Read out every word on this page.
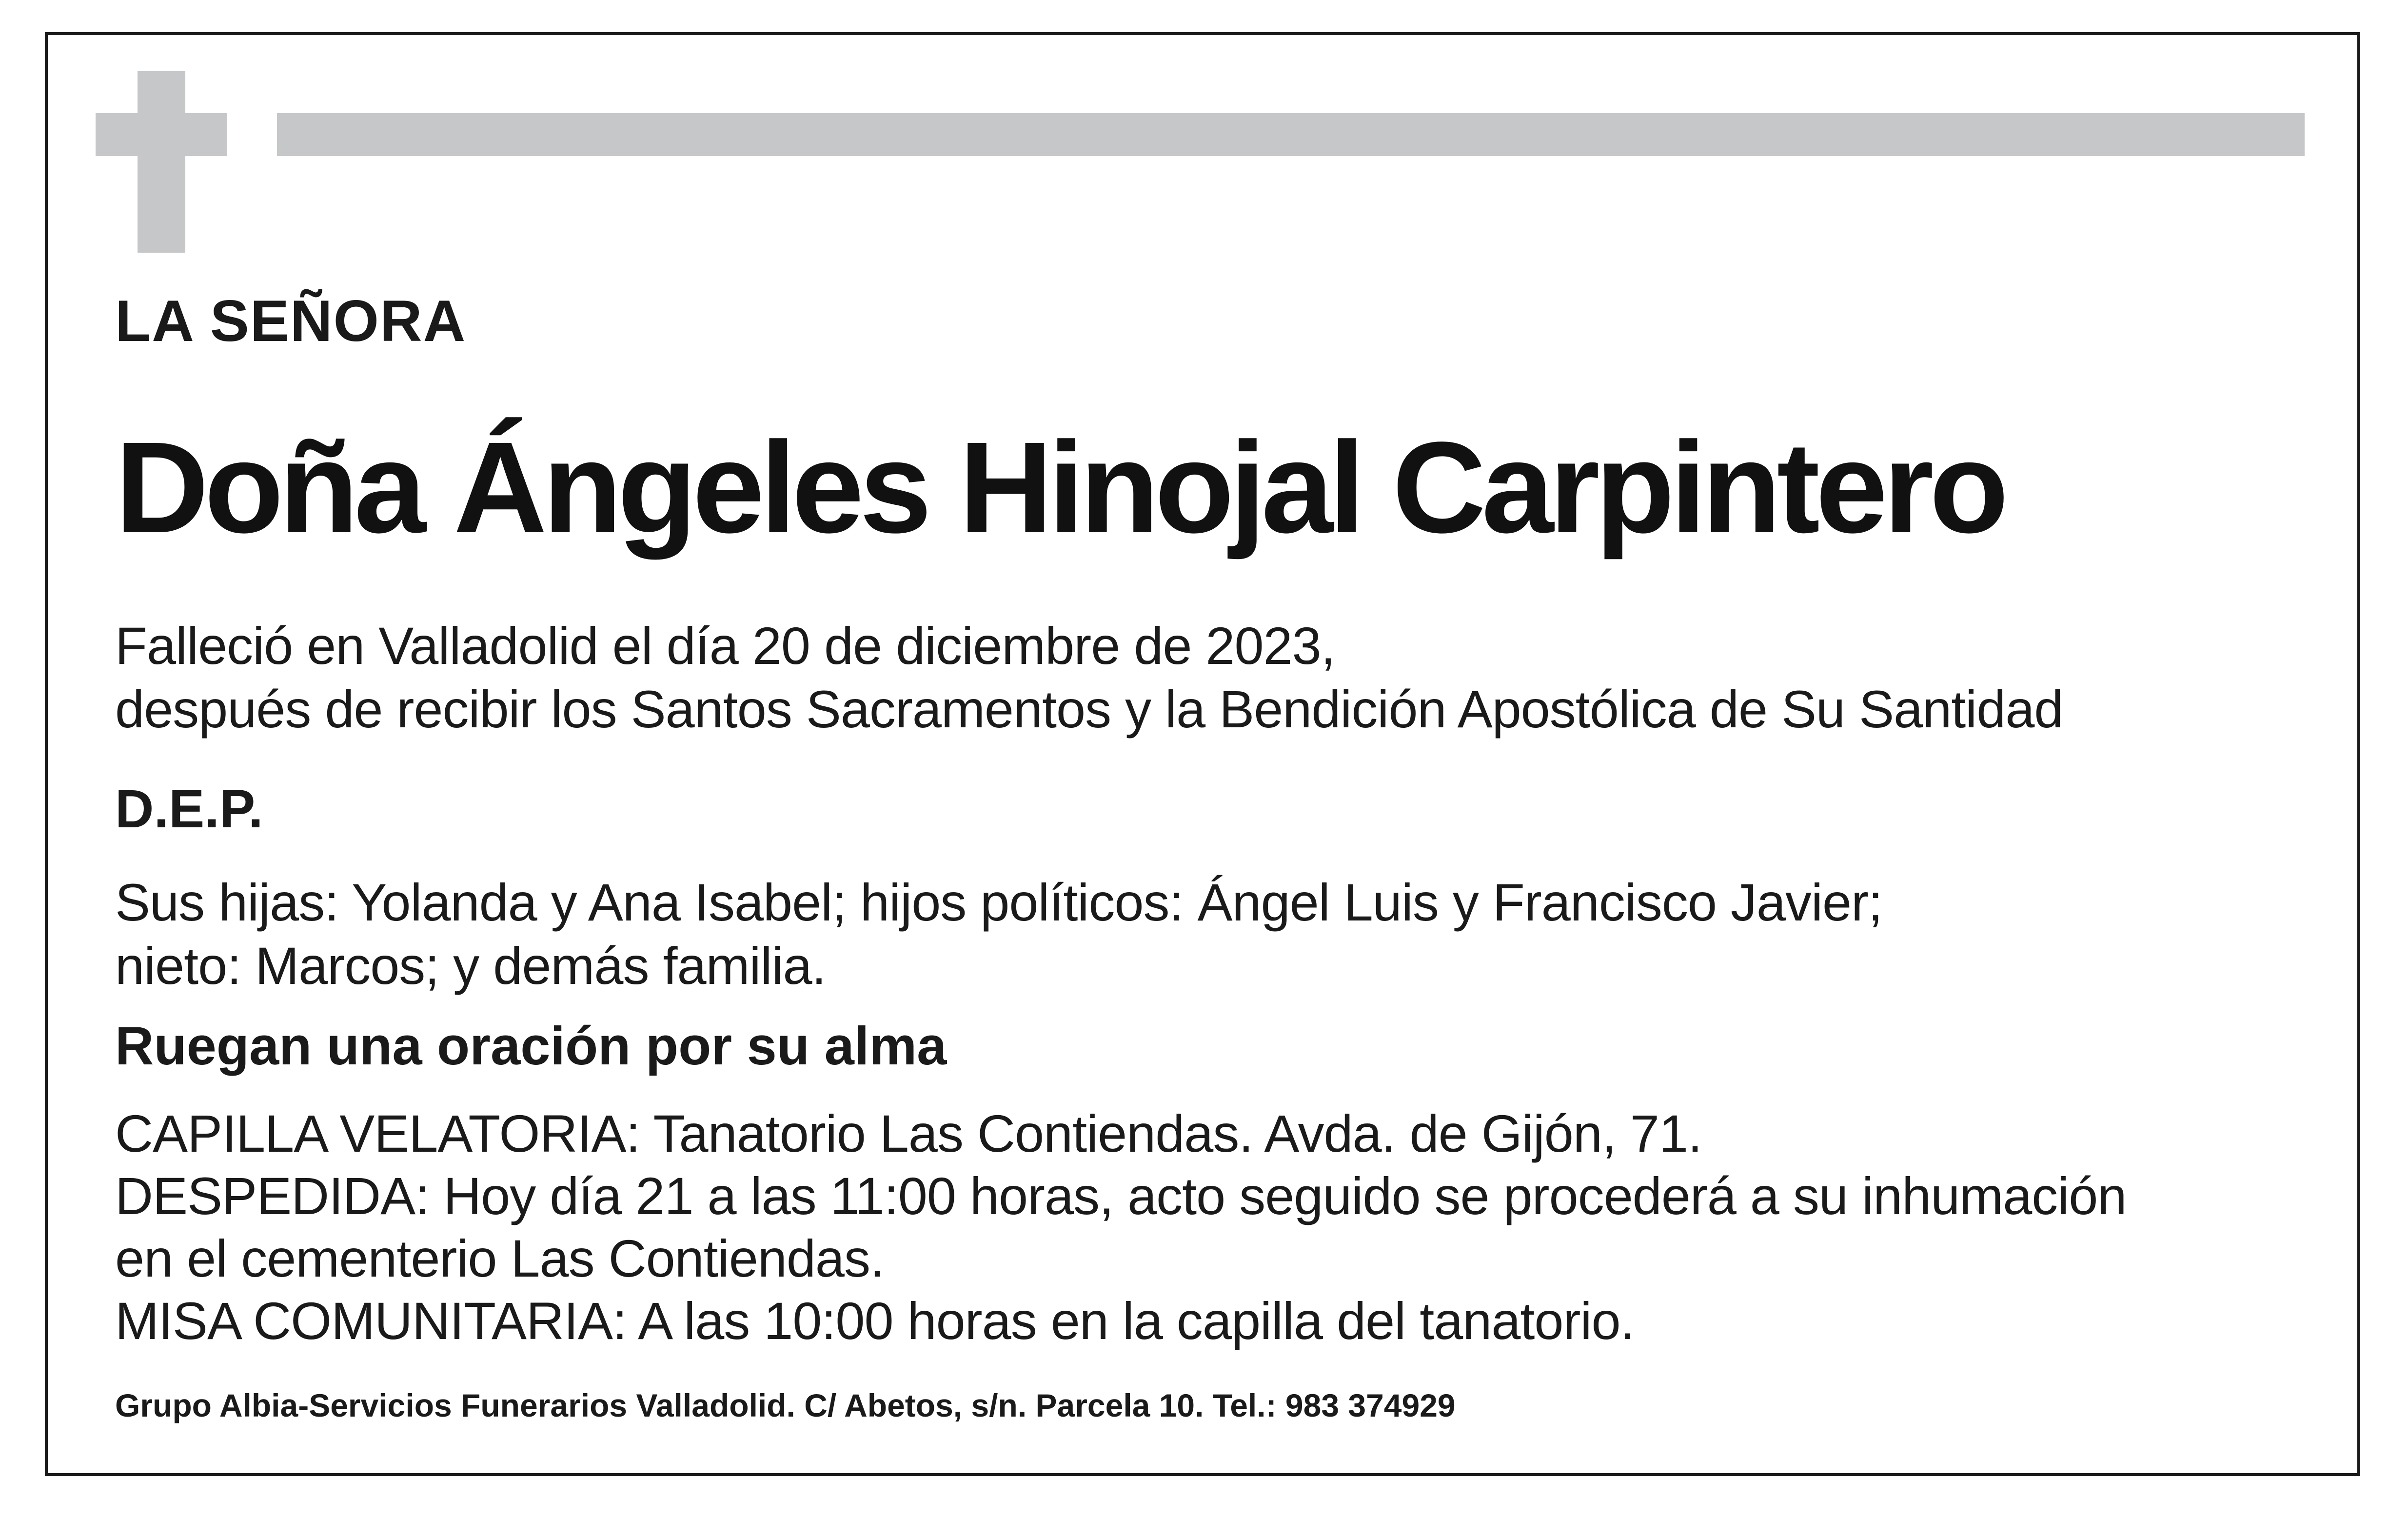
LA SEÑORA

Doña Ángeles Hinojal Carpintero

Falleció en Valladolid el día 20 de diciembre de 2023,

después de recibir los Santos Sacramentos y la Bendición Apostólica de Su Santidad

D.E.P.

Sus hijas: Yolanda y Ana Isabel; hijos políticos: Ángel Luis y Francisco Javier;

nieto: Marcos; y demás familia.

Ruegan una oración por su alma

CAPILLA VELATORIA: Tanatorio Las Contiendas. Avda. de Gijón, 71.

DESPEDIDA: Hoy día 21 a las 11:00 horas, acto seguido se procederá a su inhumación

en el cementerio Las Contiendas.

MISA COMUNITARIA: A las 10:00 horas en la capilla del tanatorio.

Grupo Albia-Servicios Funerarios Valladolid. C/ Abetos, s/n. Parcela 10. Tel.: 983 374929
